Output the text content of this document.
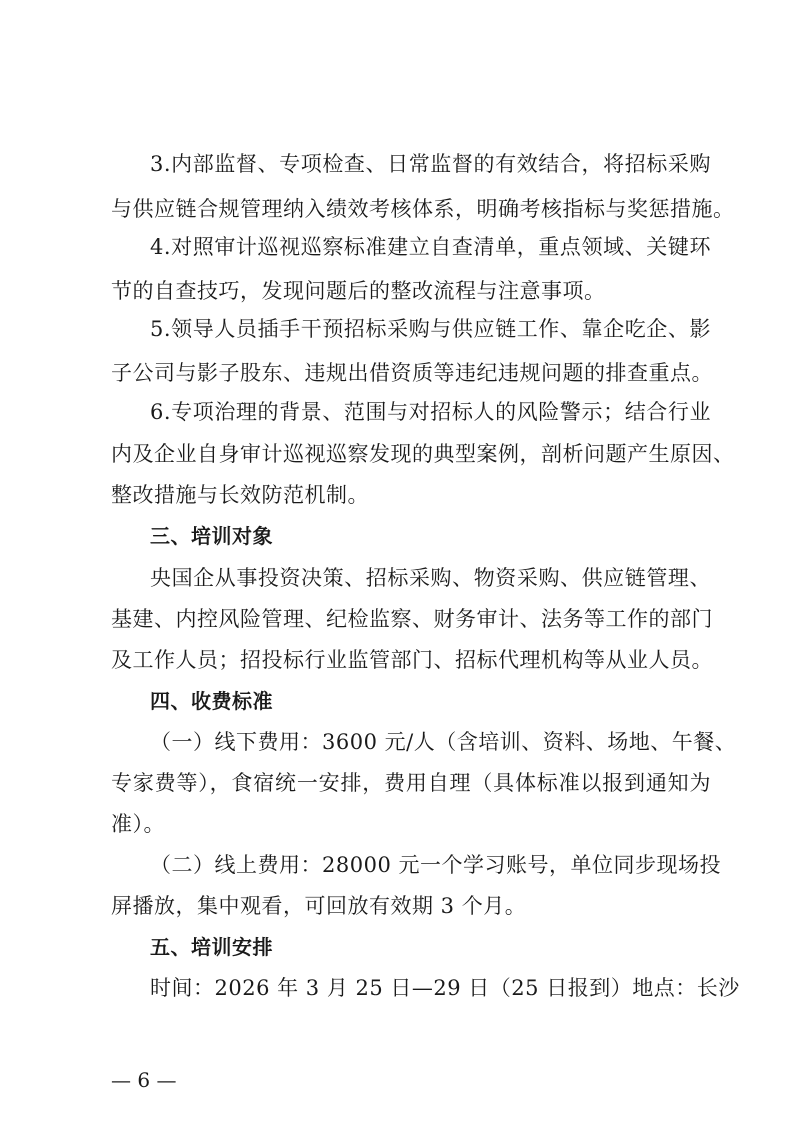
3.内部监督、专项检查、日常监督的有效结合，将招标采购
与供应链合规管理纳入绩效考核体系，明确考核指标与奖惩措施。
4.对照审计巡视巡察标准建立自查清单，重点领域、关键环
节的自查技巧，发现问题后的整改流程与注意事项。
5.领导人员插手干预招标采购与供应链工作、靠企吃企、影
子公司与影子股东、违规出借资质等违纪违规问题的排查重点。
6.专项治理的背景、范围与对招标人的风险警示；结合行业
内及企业自身审计巡视巡察发现的典型案例，剖析问题产生原因、
整改措施与长效防范机制。
三、培训对象
央国企从事投资决策、招标采购、物资采购、供应链管理、
基建、内控风险管理、纪检监察、财务审计、法务等工作的部门
及工作人员；招投标行业监管部门、招标代理机构等从业人员。
四、收费标准
（一）线下费用：3600 元/人（含培训、资料、场地、午餐、
专家费等），食宿统一安排，费用自理（具体标准以报到通知为
准）。
（二）线上费用：28000 元一个学习账号，单位同步现场投
屏播放，集中观看，可回放有效期 3 个月。
五、培训安排
时间：2026 年 3 月 25 日—29 日（25 日报到）地点：长沙
— 6 —
